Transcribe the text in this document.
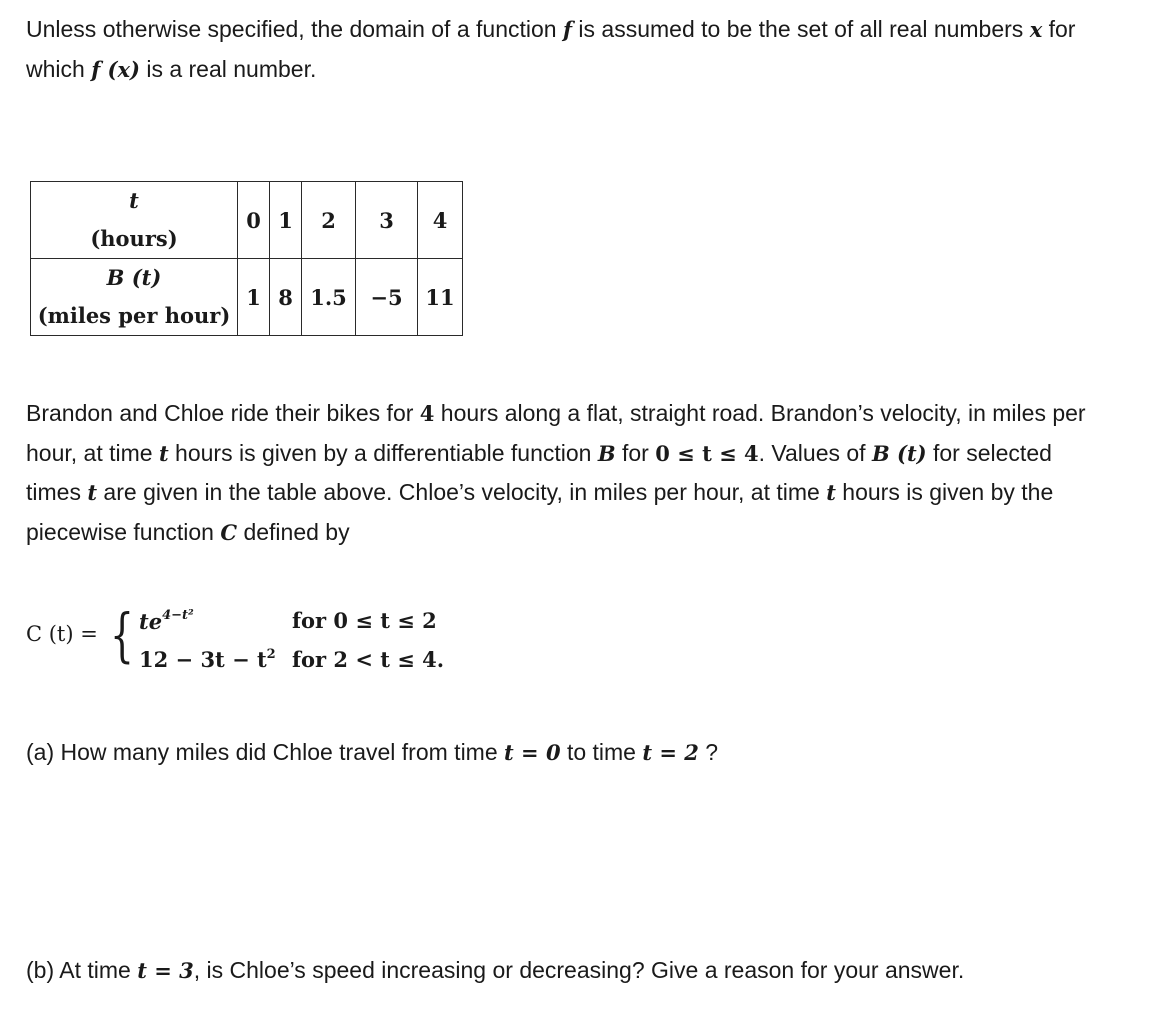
Unless otherwise specified, the domain of a function f is assumed to be the set of all real numbers x for which f (x) is a real number.

t
(hours)	0	1	2	3	4

B (t)
(miles per hour)	1	8	1.5	−5	11

Brandon and Chloe ride their bikes for 4 hours along a flat, straight road. Brandon’s velocity, in miles per hour, at time t hours is given by a differentiable function B for 0 ≤ t ≤ 4. Values of B (t) for selected times t are given in the table above. Chloe’s velocity, in miles per hour, at time t hours is given by the piecewise function C defined by

C (t) = { $te^{4-t^2}$	for 0 ≤ t ≤ 2
$12 - 3t - t^2$ for 2 < t ≤ 4.

(a) How many miles did Chloe travel from time t = 0 to time t = 2 ?

(b) At time t = 3, is Chloe’s speed increasing or decreasing? Give a reason for your answer.
